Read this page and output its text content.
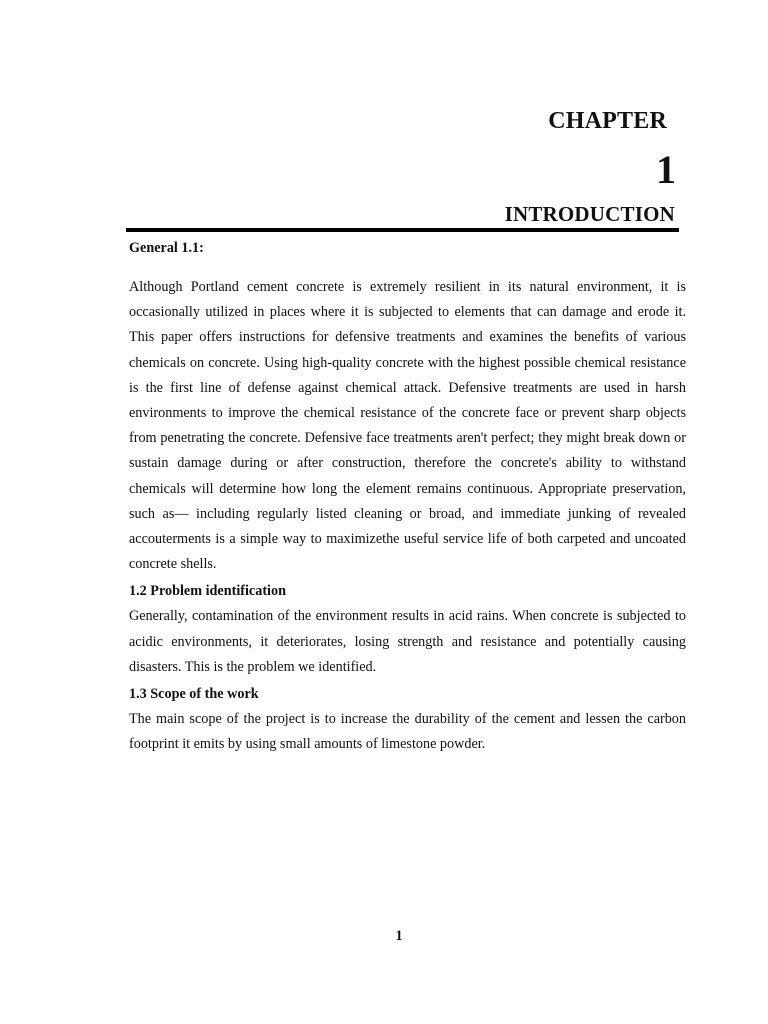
CHAPTER
1
INTRODUCTION

General 1.1:

Although Portland cement concrete is extremely resilient in its natural environment, it is occasionally utilized in places where it is subjected to elements that can damage and erode it. This paper offers instructions for defensive treatments and examines the benefits of various chemicals on concrete. Using high-quality concrete with the highest possible chemical resistance is the first line of defense against chemical attack. Defensive treatments are used in harsh environments to improve the chemical resistance of the concrete face or prevent sharp objects from penetrating the concrete. Defensive face treatments aren't perfect; they might break down or sustain damage during or after construction, therefore the concrete's ability to withstand chemicals will determine how long the element remains continuous. Appropriate preservation, such as— including regularly listed cleaning or broad, and immediate junking of revealed accouterments is a simple way to maximizethe useful service life of both carpeted and uncoated concrete shells.

1.2 Problem identification

Generally, contamination of the environment results in acid rains. When concrete is subjected to acidic environments, it deteriorates, losing strength and resistance and potentially causing disasters. This is the problem we identified.

1.3 Scope of the work

The main scope of the project is to increase the durability of the cement and lessen the carbon footprint it emits by using small amounts of limestone powder.

1
